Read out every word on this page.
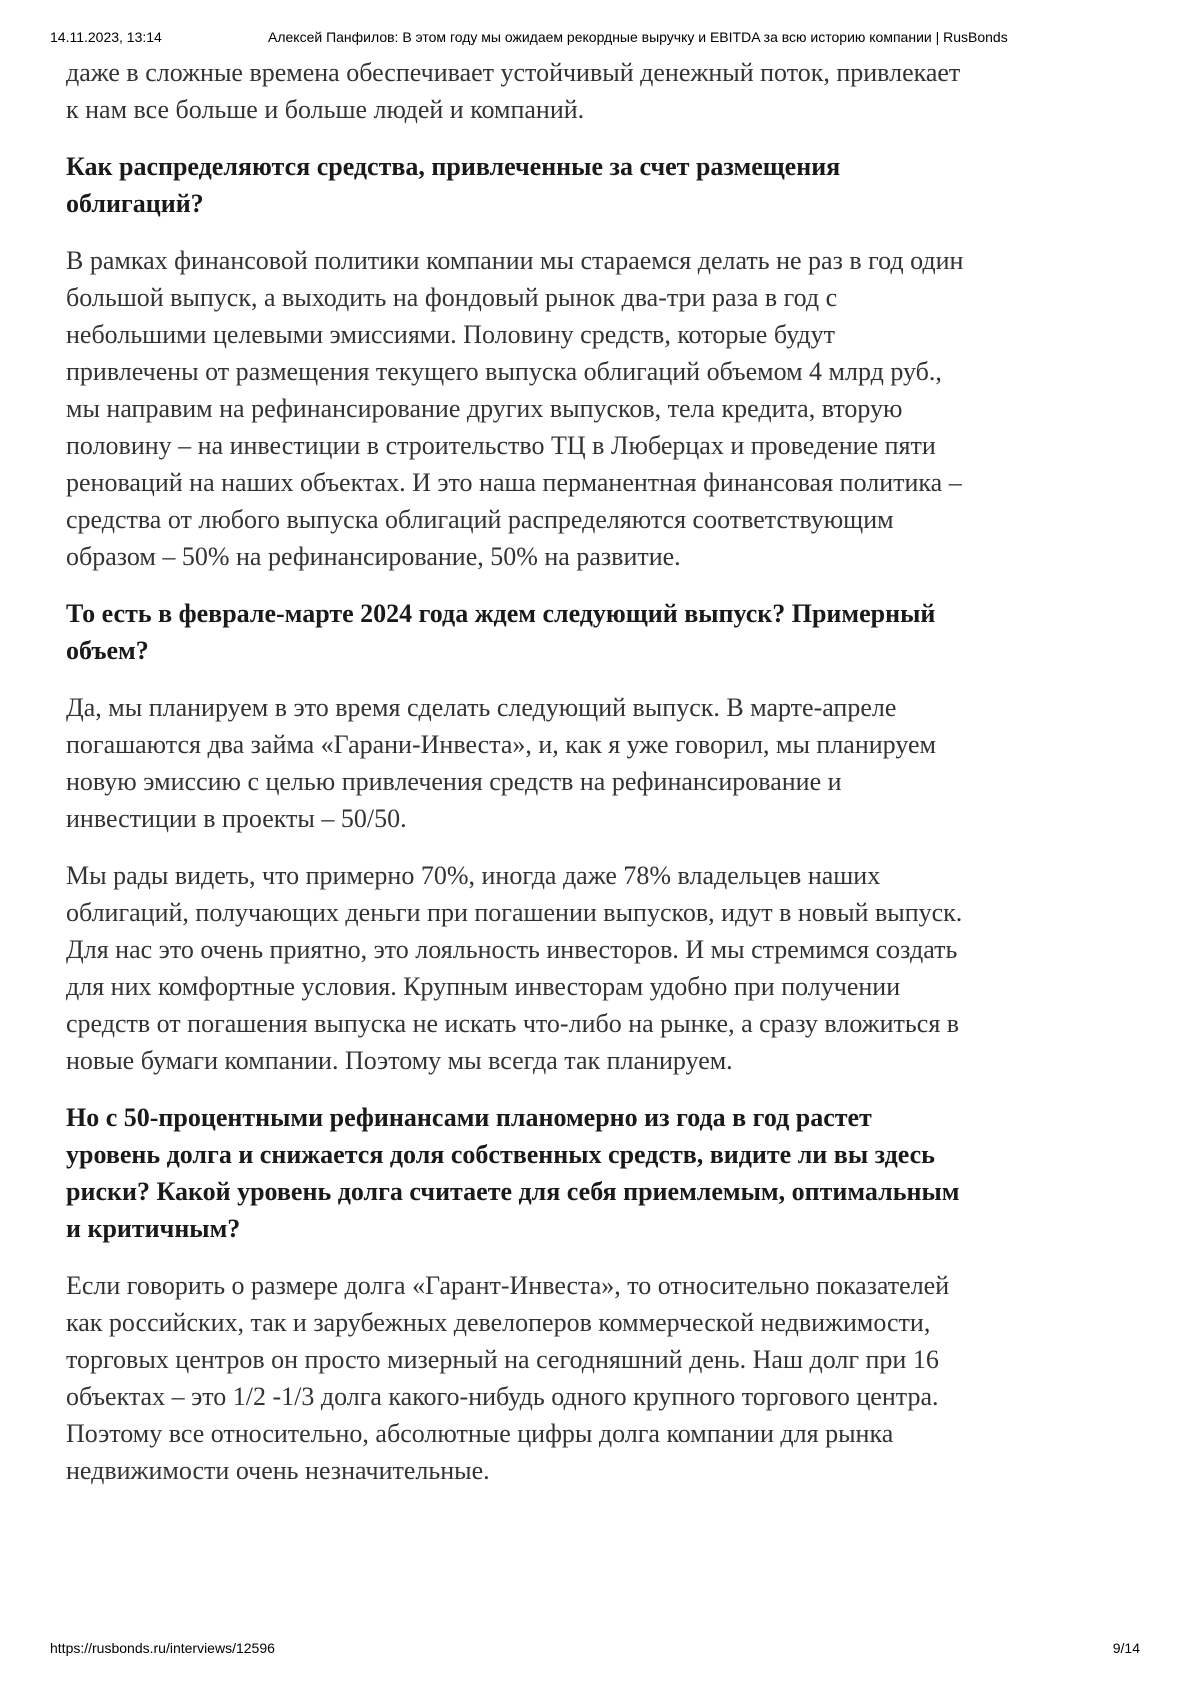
14.11.2023, 13:14	Алексей Панфилов: В этом году мы ожидаем рекордные выручку и EBITDA за всю историю компании | RusBonds

даже в сложные времена обеспечивает устойчивый денежный поток, привлекает
к нам все больше и больше людей и компаний.

Как распределяются средства, привлеченные за счет размещения
облигаций?

В рамках финансовой политики компании мы стараемся делать не раз в год один
большой выпуск, а выходить на фондовый рынок два-три раза в год с
небольшими целевыми эмиссиями. Половину средств, которые будут
привлечены от размещения текущего выпуска облигаций объемом 4 млрд руб.,
мы направим на рефинансирование других выпусков, тела кредита, вторую
половину – на инвестиции в строительство ТЦ в Люберцах и проведение пяти
реноваций на наших объектах. И это наша перманентная финансовая политика –
средства от любого выпуска облигаций распределяются соответствующим
образом – 50% на рефинансирование, 50% на развитие.

То есть в феврале-марте 2024 года ждем следующий выпуск? Примерный
объем?

Да, мы планируем в это время сделать следующий выпуск. В марте-апреле
погашаются два займа «Гарани-Инвеста», и, как я уже говорил, мы планируем
новую эмиссию с целью привлечения средств на рефинансирование и
инвестиции в проекты – 50/50.

Мы рады видеть, что примерно 70%, иногда даже 78% владельцев наших
облигаций, получающих деньги при погашении выпусков, идут в новый выпуск.
Для нас это очень приятно, это лояльность инвесторов. И мы стремимся создать
для них комфортные условия. Крупным инвесторам удобно при получении
средств от погашения выпуска не искать что-либо на рынке, а сразу вложиться в
новые бумаги компании. Поэтому мы всегда так планируем.

Но с 50-процентными рефинансами планомерно из года в год растет
уровень долга и снижается доля собственных средств, видите ли вы здесь
риски? Какой уровень долга считаете для себя приемлемым, оптимальным
и критичным?

Если говорить о размере долга «Гарант-Инвеста», то относительно показателей
как российских, так и зарубежных девелоперов коммерческой недвижимости,
торговых центров он просто мизерный на сегодняшний день. Наш долг при 16
объектах – это 1/2 -1/3 долга какого-нибудь одного крупного торгового центра.
Поэтому все относительно, абсолютные цифры долга компании для рынка
недвижимости очень незначительные.

https://rusbonds.ru/interviews/12596	9/14
